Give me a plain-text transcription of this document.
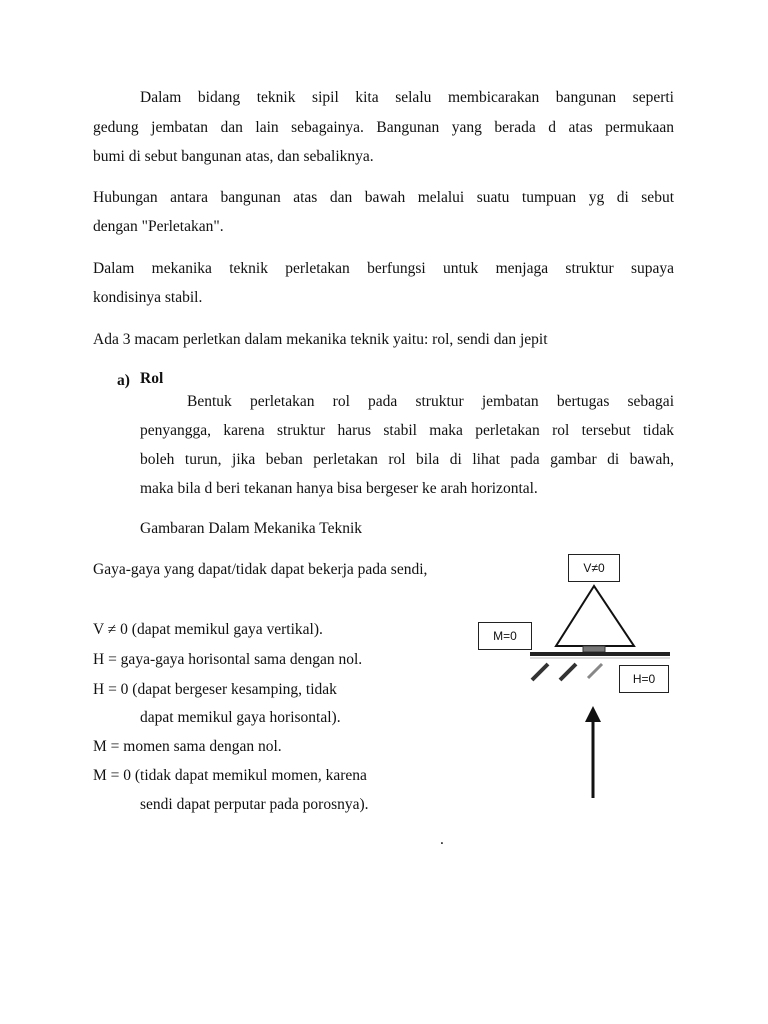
Dalam bidang teknik sipil kita selalu membicarakan bangunan seperti
gedung jembatan dan lain sebagainya. Bangunan yang berada d atas permukaan
bumi di sebut bangunan atas, dan sebaliknya.
Hubungan antara bangunan atas dan bawah melalui suatu tumpuan yg di sebut
dengan "Perletakan".
Dalam mekanika teknik perletakan berfungsi untuk menjaga struktur supaya
kondisinya stabil.
Ada 3 macam perletkan dalam mekanika teknik yaitu: rol, sendi dan jepit
a) Rol
Bentuk perletakan rol pada struktur jembatan bertugas sebagai
penyangga, karena struktur harus stabil maka perletakan rol tersebut tidak
boleh turun, jika beban perletakan rol bila di lihat pada gambar di bawah,
maka bila d beri tekanan hanya bisa bergeser ke arah horizontal.
Gambaran Dalam Mekanika Teknik
Gaya-gaya yang dapat/tidak dapat bekerja pada sendi,
V ≠ 0 (dapat memikul gaya vertikal).
H = gaya-gaya horisontal sama dengan nol.
H = 0 (dapat bergeser kesamping, tidak
dapat memikul gaya horisontal).
M = momen sama dengan nol.
M = 0 (tidak dapat memikul momen, karena
sendi dapat perputar pada porosnya).
V≠0
M=0
H=0
.
